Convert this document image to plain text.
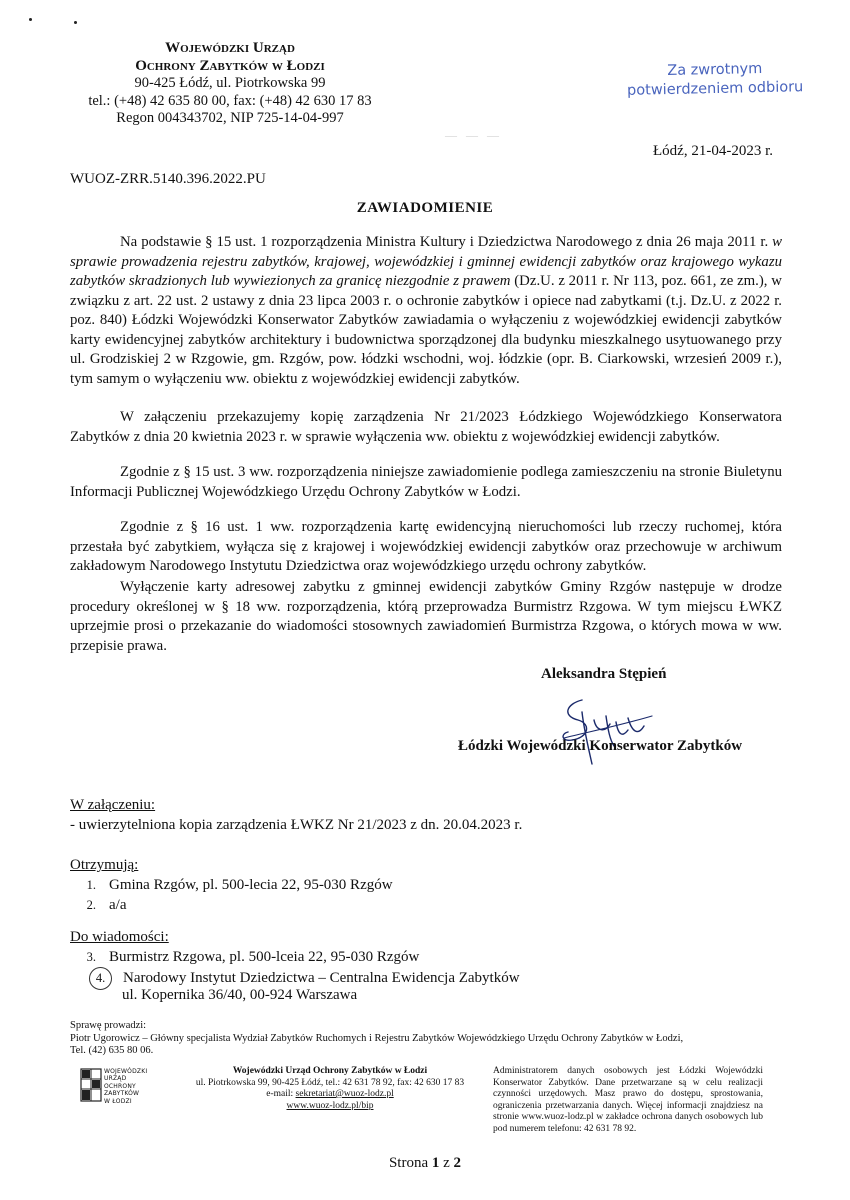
Wojewódzki Urząd
Ochrony Zabytków w Łodzi
90-425 Łódź, ul. Piotrkowska 99
tel.: (+48) 42 635 80 00, fax: (+48) 42 630 17 83
Regon 004343702, NIP 725-14-04-997
Za zwrotnym
potwierdzeniem odbioru
— — —
Łódź, 21-04-2023 r.
WUOZ-ZRR.5140.396.2022.PU
ZAWIADOMIENIE

Na podstawie § 15 ust. 1 rozporządzenia Ministra Kultury i Dziedzictwa Narodowego z dnia 26 maja 2011 r. w sprawie prowadzenia rejestru zabytków, krajowej, wojewódzkiej i gminnej ewidencji zabytków oraz krajowego wykazu zabytków skradzionych lub wywiezionych za granicę niezgodnie z prawem (Dz.U. z 2011 r. Nr 113, poz. 661, ze zm.), w związku z art. 22 ust. 2 ustawy z dnia 23 lipca 2003 r. o ochronie zabytków i opiece nad zabytkami (t.j. Dz.U. z 2022 r. poz. 840) Łódzki Wojewódzki Konserwator Zabytków zawiadamia o wyłączeniu z wojewódzkiej ewidencji zabytków karty ewidencyjnej zabytków architektury i budownictwa sporządzonej dla budynku mieszkalnego usytuowanego przy ul. Grodziskiej 2 w Rzgowie, gm. Rzgów, pow. łódzki wschodni, woj. łódzkie (opr. B. Ciarkowski, wrzesień 2009 r.), tym samym o wyłączeniu ww. obiektu z wojewódzkiej ewidencji zabytków.

W załączeniu przekazujemy kopię zarządzenia Nr 21/2023 Łódzkiego Wojewódzkiego Konserwatora Zabytków z dnia 20 kwietnia 2023 r. w sprawie wyłączenia ww. obiektu z wojewódzkiej ewidencji zabytków.

Zgodnie z § 15 ust. 3 ww. rozporządzenia niniejsze zawiadomienie podlega zamieszczeniu na stronie Biuletynu Informacji Publicznej Wojewódzkiego Urzędu Ochrony Zabytków w Łodzi.

Zgodnie z § 16 ust. 1 ww. rozporządzenia kartę ewidencyjną nieruchomości lub rzeczy ruchomej, która przestała być zabytkiem, wyłącza się z krajowej i wojewódzkiej ewidencji zabytków oraz przechowuje w archiwum zakładowym Narodowego Instytutu Dziedzictwa oraz wojewódzkiego urzędu ochrony zabytków.

Wyłączenie karty adresowej zabytku z gminnej ewidencji zabytków Gminy Rzgów następuje w drodze procedury określonej w § 18 ww. rozporządzenia, którą przeprowadza Burmistrz Rzgowa. W tym miejscu ŁWKZ uprzejmie prosi o przekazanie do wiadomości stosownych zawiadomień Burmistrza Rzgowa, o których mowa w ww. przepisie prawa.

Aleksandra Stępień
Łódzki Wojewódzki Konserwator Zabytków
W załączeniu:
- uwierzytelniona kopia zarządzenia ŁWKZ Nr 21/2023 z dn. 20.04.2023 r.
Otrzymują:
1. Gmina Rzgów, pl. 500-lecia 22, 95-030 Rzgów
2. a/a
Do wiadomości:
3. Burmistrz Rzgowa, pl. 500-lceia 22, 95-030 Rzgów
4. Narodowy Instytut Dziedzictwa – Centralna Ewidencja Zabytków
ul. Kopernika 36/40, 00-924 Warszawa
Sprawę prowadzi:
Piotr Ugorowicz – Główny specjalista Wydział Zabytków Ruchomych i Rejestru Zabytków Wojewódzkiego Urzędu Ochrony Zabytków w Łodzi,
Tel. (42) 635 80 06.
WOJEWÓDZKI
URZĄD
OCHRONY
ZABYTKÓW
W ŁODZI
Wojewódzki Urząd Ochrony Zabytków w Łodzi
ul. Piotrkowska 99, 90-425 Łódź, tel.: 42 631 78 92, fax: 42 630 17 83
e-mail: sekretariat@wuoz-lodz.pl
www.wuoz-lodz.pl/bip
Administratorem danych osobowych jest Łódzki Wojewódzki Konserwator Zabytków. Dane przetwarzane są w celu realizacji czynności urzędowych. Masz prawo do dostępu, sprostowania, ograniczenia przetwarzania danych. Więcej informacji znajdziesz na stronie www.wuoz-lodz.pl w zakładce ochrona danych osobowych lub pod numerem telefonu: 42 631 78 92.
Strona 1 z 2
